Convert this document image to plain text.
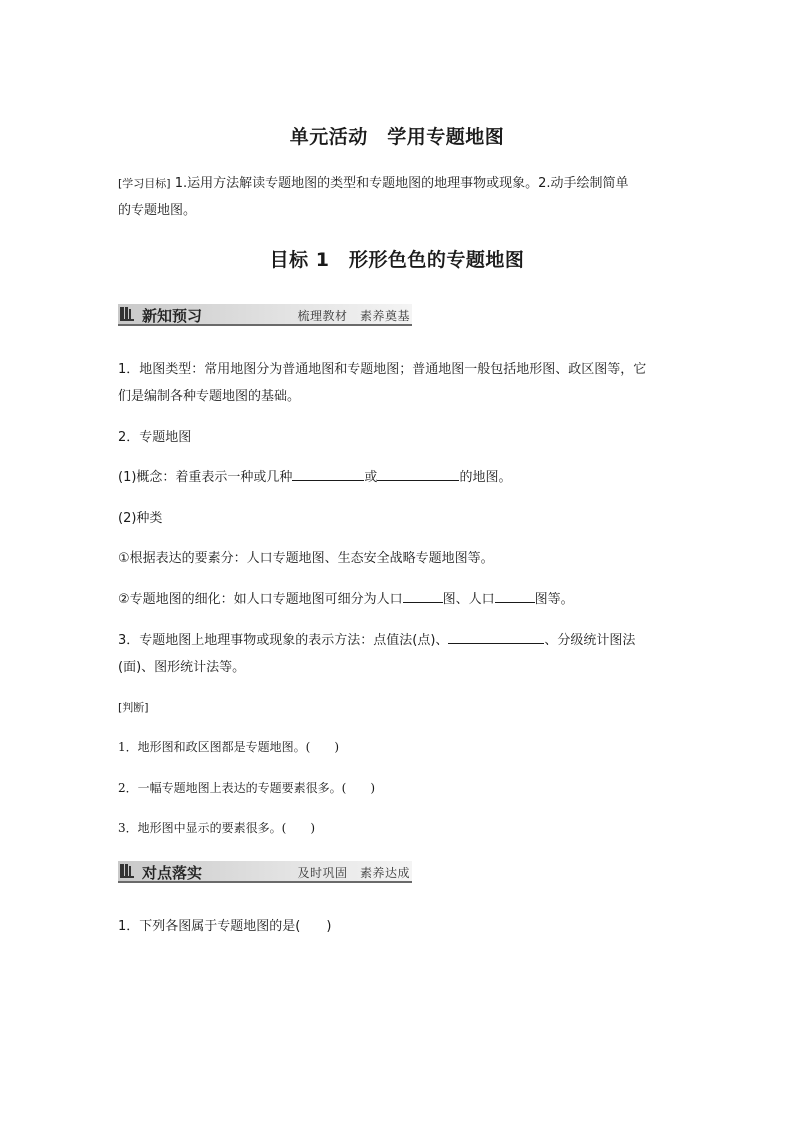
单元活动　学用专题地图
[学习目标] 1.运用方法解读专题地图的类型和专题地图的地理事物或现象。2.动手绘制简单
的专题地图。
目标 1　形形色色的专题地图
新知预习	梳理教材　素养奠基
1．地图类型：常用地图分为普通地图和专题地图；普通地图一般包括地形图、政区图等，它
们是编制各种专题地图的基础。
2．专题地图
(1)概念：着重表示一种或几种	或	的地图。
(2)种类
①根据表达的要素分：人口专题地图、生态安全战略专题地图等。
②专题地图的细化：如人口专题地图可细分为人口	图、人口	图等。
3．专题地图上地理事物或现象的表示方法：点值法(点)、	、分级统计图法
(面)、图形统计法等。
[判断]
1．地形图和政区图都是专题地图。(　　)
2．一幅专题地图上表达的专题要素很多。(　　)
3．地形图中显示的要素很多。(　　)
对点落实	及时巩固　素养达成
1．下列各图属于专题地图的是(　　)
